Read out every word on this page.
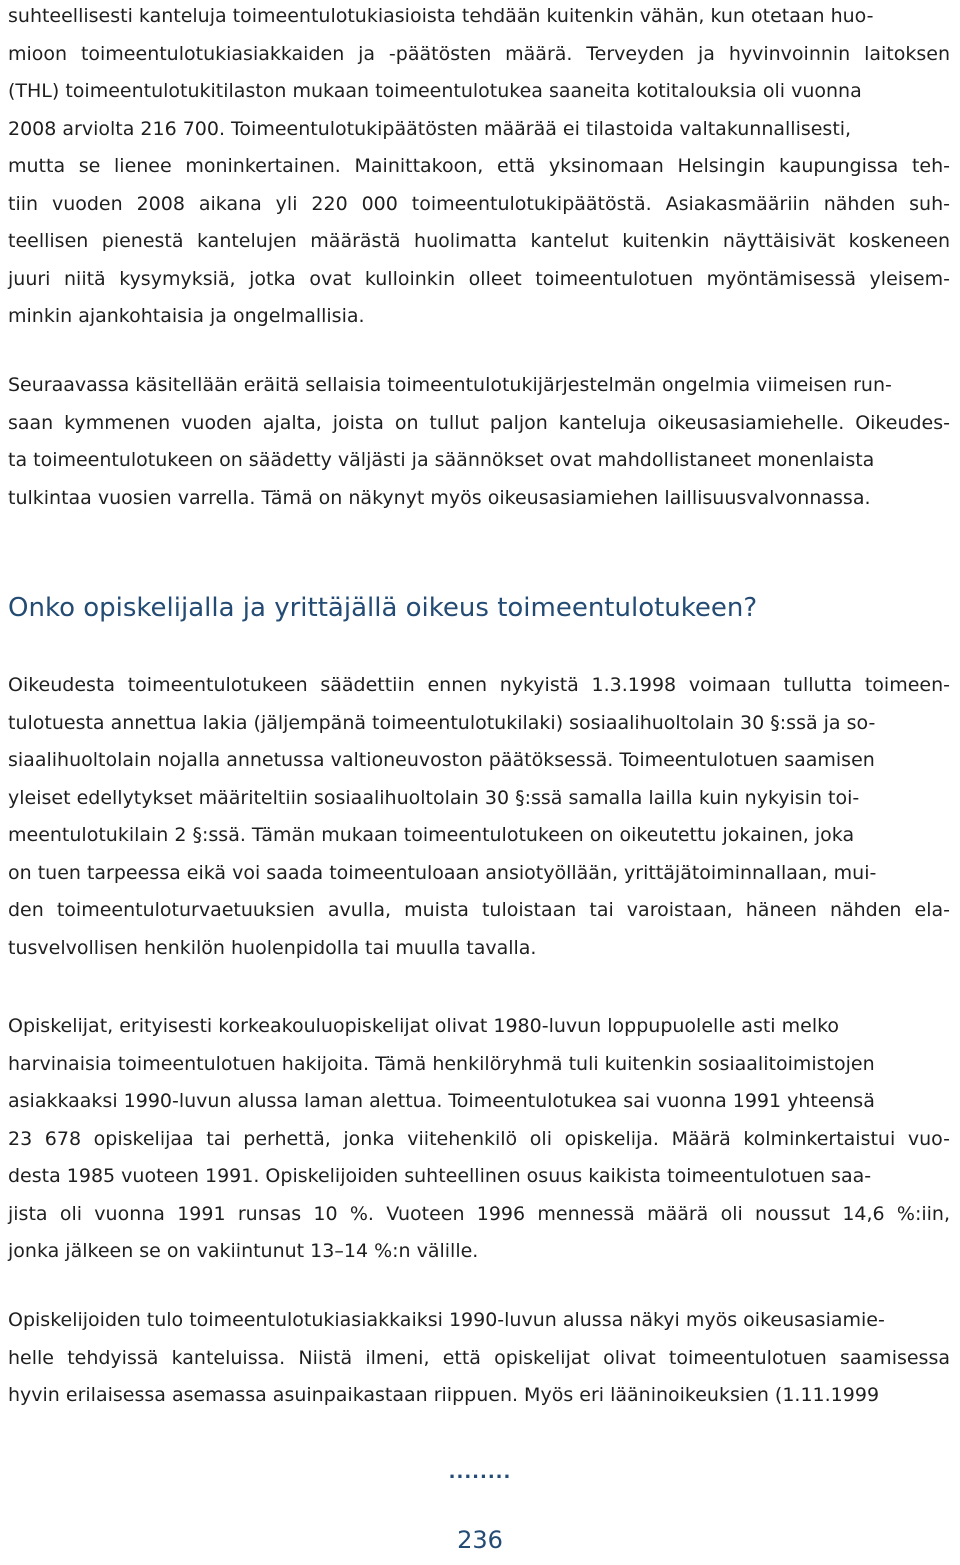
suhteellisesti kanteluja toimeentulotukiasioista tehdään kuitenkin vähän, kun otetaan huo-
mioon toimeentulotukiasiakkaiden ja -päätösten määrä. Terveyden ja hyvinvoinnin laitoksen
(THL) toimeentulotukitilaston mukaan toimeentulotukea saaneita kotitalouksia oli vuonna
2008 arviolta 216 700. Toimeentulotukipäätösten määrää ei tilastoida valtakunnallisesti,
mutta se lienee moninkertainen. Mainittakoon, että yksinomaan Helsingin kaupungissa teh-
tiin vuoden 2008 aikana yli 220 000 toimeentulotukipäätöstä. Asiakasmääriin nähden suh-
teellisen pienestä kantelujen määrästä huolimatta kantelut kuitenkin näyttäisivät koskeneen
juuri niitä kysymyksiä, jotka ovat kulloinkin olleet toimeentulotuen myöntämisessä yleisem-
minkin ajankohtaisia ja ongelmallisia.

Seuraavassa käsitellään eräitä sellaisia toimeentulotukijärjestelmän ongelmia viimeisen run-
saan kymmenen vuoden ajalta, joista on tullut paljon kanteluja oikeusasiamiehelle. Oikeudes-
ta toimeentulotukeen on säädetty väljästi ja säännökset ovat mahdollistaneet monenlaista
tulkintaa vuosien varrella. Tämä on näkynyt myös oikeusasiamiehen laillisuusvalvonnassa.

Onko opiskelijalla ja yrittäjällä oikeus toimeentulotukeen?

Oikeudesta toimeentulotukeen säädettiin ennen nykyistä 1.3.1998 voimaan tullutta toimeen-
tulotuesta annettua lakia (jäljempänä toimeentulotukilaki) sosiaalihuoltolain 30 §:ssä ja so-
siaalihuoltolain nojalla annetussa valtioneuvoston päätöksessä. Toimeentulotuen saamisen
yleiset edellytykset määriteltiin sosiaalihuoltolain 30 §:ssä samalla lailla kuin nykyisin toi-
meentulotukilain 2 §:ssä. Tämän mukaan toimeentulotukeen on oikeutettu jokainen, joka
on tuen tarpeessa eikä voi saada toimeentuloaan ansiotyöllään, yrittäjätoiminnallaan, mui-
den toimeentuloturvaetuuksien avulla, muista tuloistaan tai varoistaan, häneen nähden ela-
tusvelvollisen henkilön huolenpidolla tai muulla tavalla.

Opiskelijat, erityisesti korkeakouluopiskelijat olivat 1980-luvun loppupuolelle asti melko
harvinaisia toimeentulotuen hakijoita. Tämä henkilöryhmä tuli kuitenkin sosiaalitoimistojen
asiakkaaksi 1990-luvun alussa laman alettua. Toimeentulotukea sai vuonna 1991 yhteensä
23 678 opiskelijaa tai perhettä, jonka viitehenkilö oli opiskelija. Määrä kolminkertaistui vuo-
desta 1985 vuoteen 1991. Opiskelijoiden suhteellinen osuus kaikista toimeentulotuen saa-
jista oli vuonna 1991 runsas 10 %. Vuoteen 1996 mennessä määrä oli noussut 14,6 %:iin,
jonka jälkeen se on vakiintunut 13–14 %:n välille.

Opiskelijoiden tulo toimeentulotukiasiakkaiksi 1990-luvun alussa näkyi myös oikeusasiamie-
helle tehdyissä kanteluissa. Niistä ilmeni, että opiskelijat olivat toimeentulotuen saamisessa
hyvin erilaisessa asemassa asuinpaikastaan riippuen. Myös eri lääninoikeuksien (1.11.1999

........
236
